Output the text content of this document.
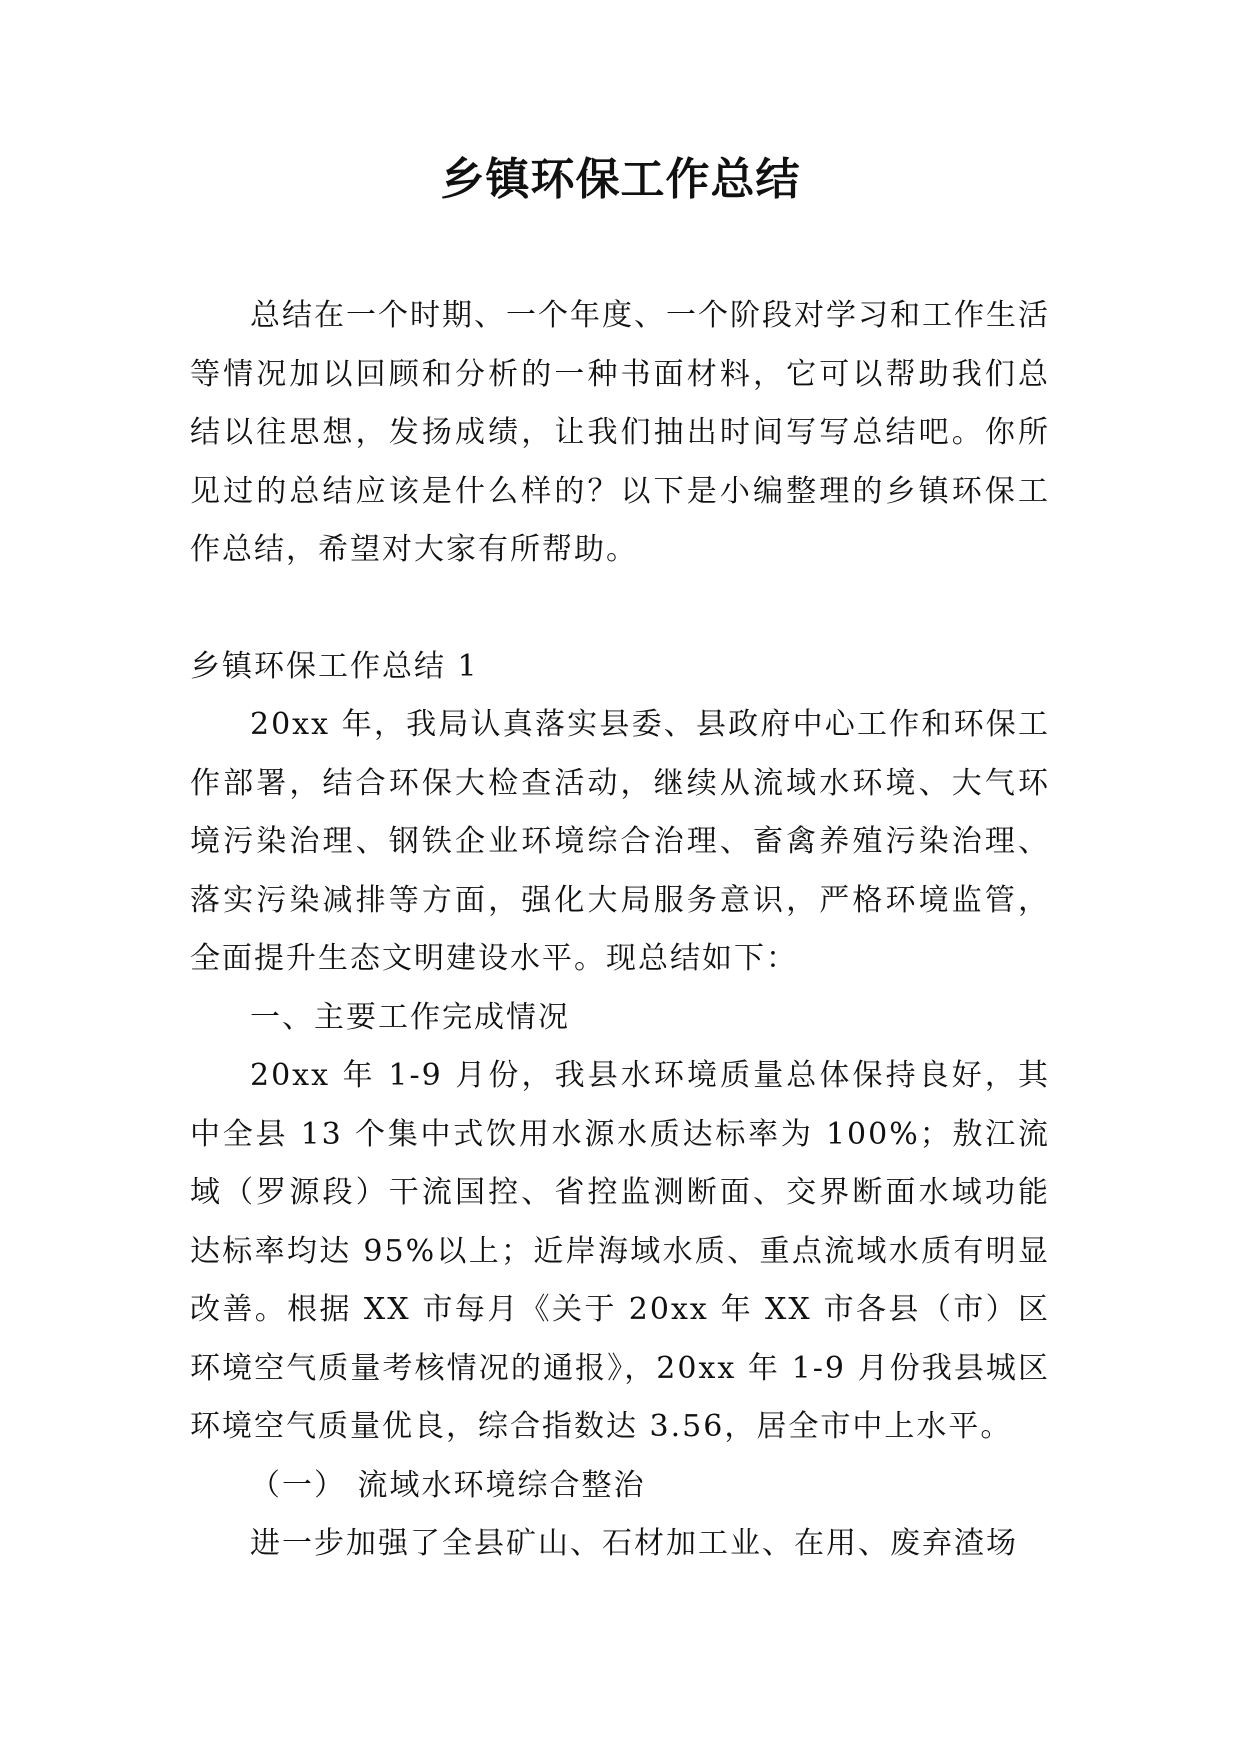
乡镇环保工作总结

总结在一个时期、一个年度、一个阶段对学习和工作生活等情况加以回顾和分析的一种书面材料，它可以帮助我们总结以往思想，发扬成绩，让我们抽出时间写写总结吧。你所见过的总结应该是什么样的？以下是小编整理的乡镇环保工作总结，希望对大家有所帮助。

乡镇环保工作总结 1

20xx 年，我局认真落实县委、县政府中心工作和环保工作部署，结合环保大检查活动，继续从流域水环境、大气环境污染治理、钢铁企业环境综合治理、畜禽养殖污染治理、落实污染减排等方面，强化大局服务意识，严格环境监管，全面提升生态文明建设水平。现总结如下：

一、主要工作完成情况

20xx 年 1-9 月份，我县水环境质量总体保持良好，其中全县 13 个集中式饮用水源水质达标率为 100%；敖江流域（罗源段）干流国控、省控监测断面、交界断面水域功能达标率均达 95%以上；近岸海域水质、重点流域水质有明显改善。根据 XX 市每月《关于 20xx 年 XX 市各县（市）区环境空气质量考核情况的通报》，20xx 年 1-9 月份我县城区环境空气质量优良，综合指数达 3.56，居全市中上水平。

（一） 流域水环境综合整治

进一步加强了全县矿山、石材加工业、在用、废弃渣场
